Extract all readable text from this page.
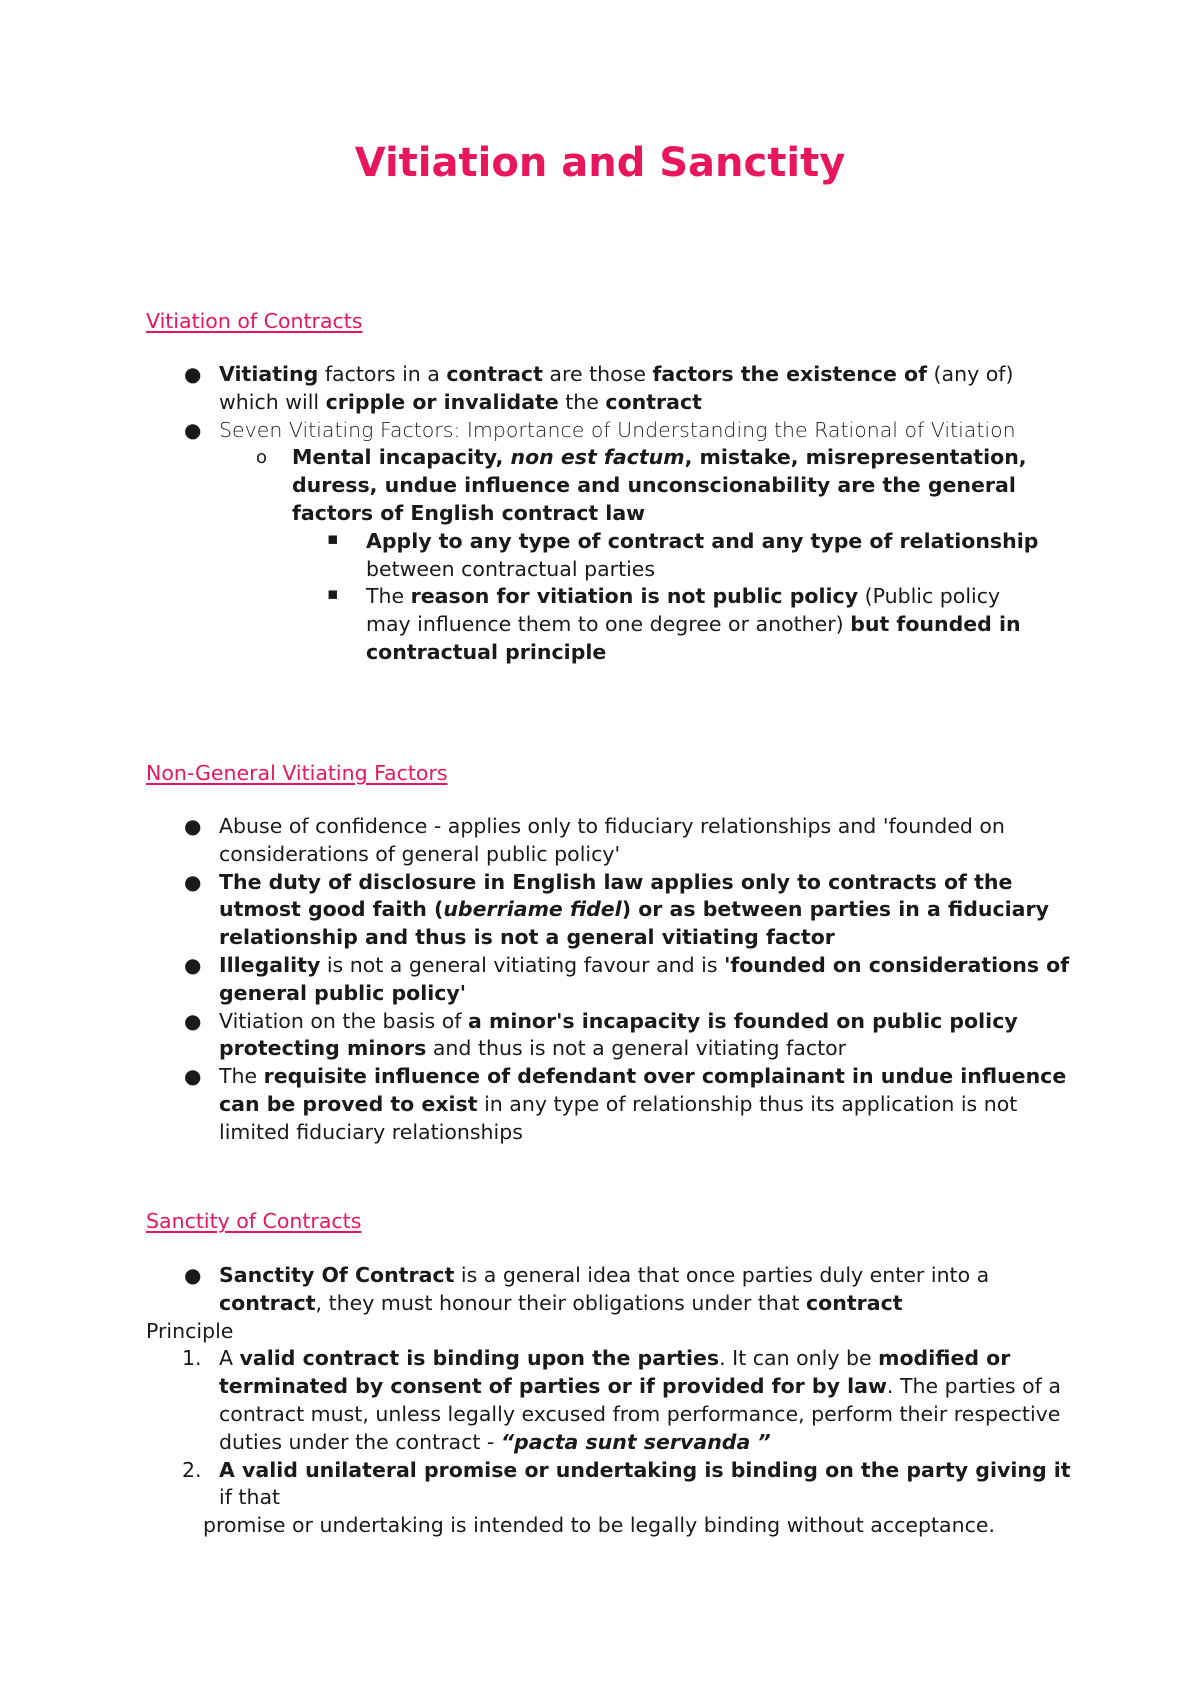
Vitiation and Sanctity
Vitiation of Contracts
● Vitiating factors in a contract are those factors the existence of (any of) which will cripple or invalidate the contract
● Seven Vitiating Factors: Importance of Understanding the Rational of Vitiation
o Mental incapacity, non est factum, mistake, misrepresentation, duress, undue influence and unconscionability are the general factors of English contract law
▪ Apply to any type of contract and any type of relationship between contractual parties
▪ The reason for vitiation is not public policy (Public policy may influence them to one degree or another) but founded in contractual principle
Non-General Vitiating Factors
● Abuse of confidence - applies only to fiduciary relationships and 'founded on considerations of general public policy'
● The duty of disclosure in English law applies only to contracts of the utmost good faith (uberriame fidel) or as between parties in a fiduciary relationship and thus is not a general vitiating factor
● Illegality is not a general vitiating favour and is 'founded on considerations of general public policy'
● Vitiation on the basis of a minor's incapacity is founded on public policy protecting minors and thus is not a general vitiating factor
● The requisite influence of defendant over complainant in undue influence can be proved to exist in any type of relationship thus its application is not limited fiduciary relationships
Sanctity of Contracts
● Sanctity Of Contract is a general idea that once parties duly enter into a contract, they must honour their obligations under that contract
Principle
1. A valid contract is binding upon the parties. It can only be modified or terminated by consent of parties or if provided for by law. The parties of a contract must, unless legally excused from performance, perform their respective duties under the contract - “pacta sunt servanda ”
2. A valid unilateral promise or undertaking is binding on the party giving it if that
promise or undertaking is intended to be legally binding without acceptance.
